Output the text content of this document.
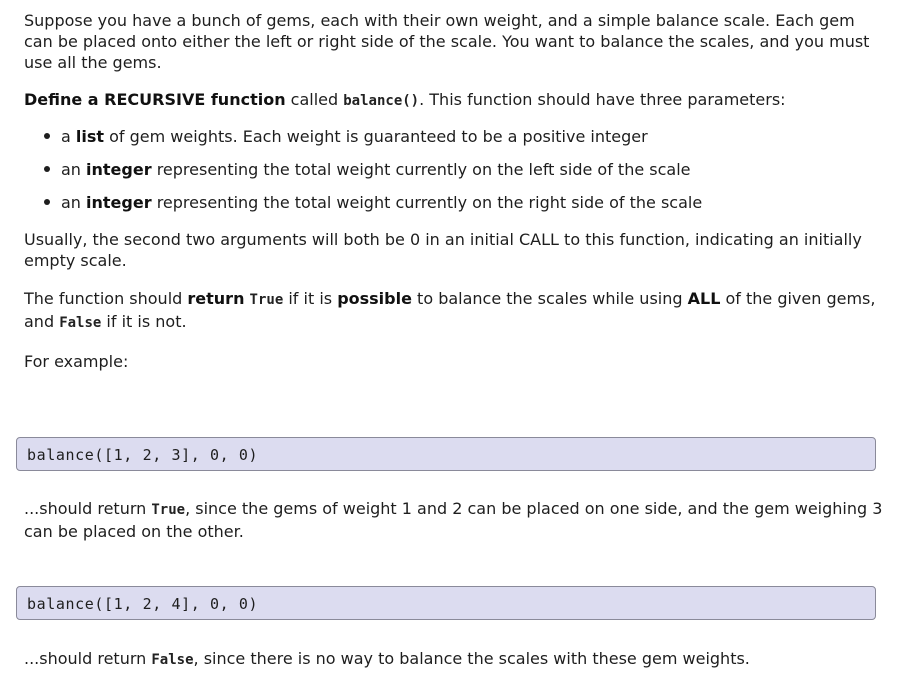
Suppose you have a bunch of gems, each with their own weight, and a simple balance scale. Each gem can be placed onto either the left or right side of the scale. You want to balance the scales, and you must use all the gems.

Define a RECURSIVE function called balance(). This function should have three parameters:

a list of gem weights. Each weight is guaranteed to be a positive integer
an integer representing the total weight currently on the left side of the scale
an integer representing the total weight currently on the right side of the scale

Usually, the second two arguments will both be 0 in an initial CALL to this function, indicating an initially empty scale.

The function should return True if it is possible to balance the scales while using ALL of the given gems, and False if it is not.

For example:

balance([1, 2, 3], 0, 0)

...should return True, since the gems of weight 1 and 2 can be placed on one side, and the gem weighing 3 can be placed on the other.

balance([1, 2, 4], 0, 0)

...should return False, since there is no way to balance the scales with these gem weights.
